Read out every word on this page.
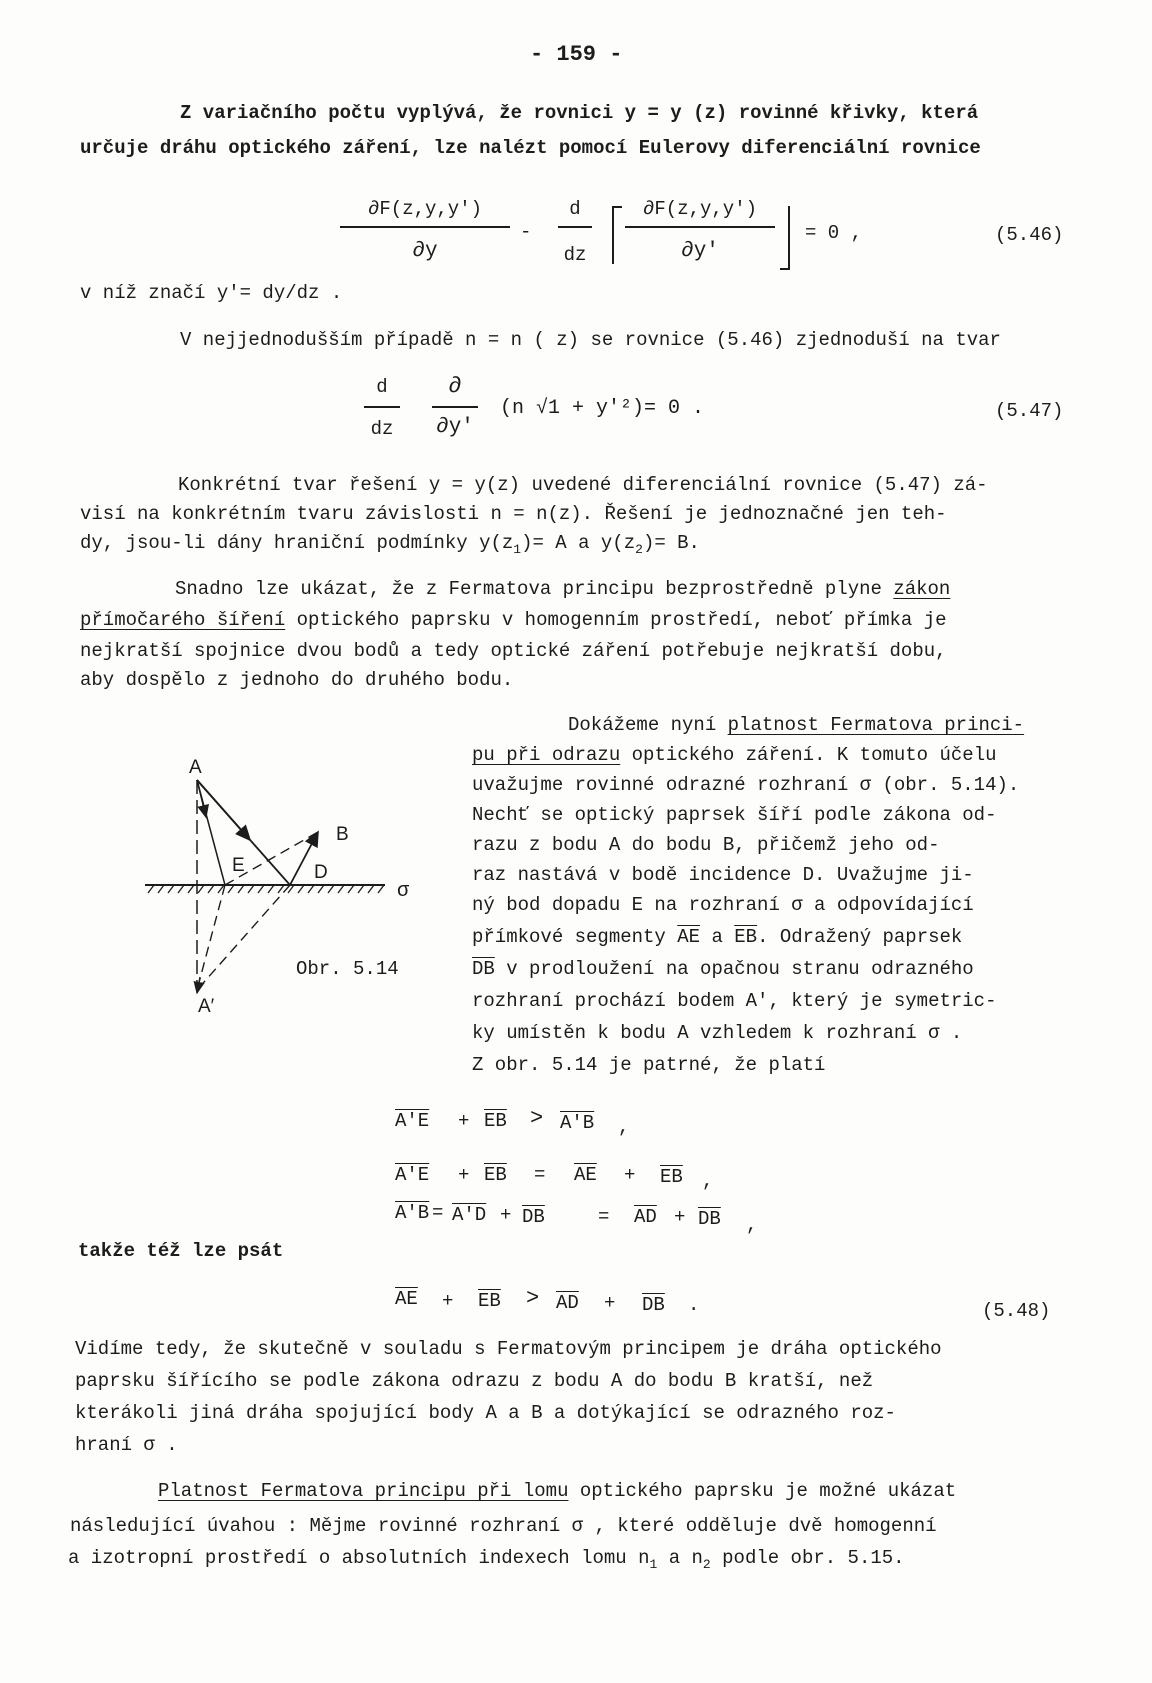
- 159 -
Z variačního počtu vyplývá, že rovnici y = y (z) rovinné křivky, která
určuje dráhu optického záření, lze nalézt pomocí Eulerovy diferenciální rovnice
∂F(z,y,y′)
∂y
-
d
dz
∂F(z,y,y′)
∂y′
= 0 ,	(5.46)
v níž značí y′= dy/dz .
V nejjednodušším případě n = n ( z) se rovnice (5.46) zjednoduší na tvar
d
dz
∂
∂y′
(n √1 + y′²)= 0 .	(5.47)
Konkrétní tvar řešení y = y(z) uvedené diferenciální rovnice (5.47) zá-
visí na konkrétním tvaru závislosti n = n(z). Řešení je jednoznačné jen teh-
dy, jsou-li dány hraniční podmínky $y(z_1)= A$ a $y(z_2)= B$.
Snadno lze ukázat, že z Fermatova principu bezprostředně plyne zákon
přímočarého šíření optického paprsku v homogenním prostředí, neboť přímka je
nejkratší spojnice dvou bodů a tedy optické záření potřebuje nejkratší dobu,
aby dospělo z jednoho do druhého bodu.
Dokážeme nyní platnost Fermatova princi-
pu při odrazu optického záření. K tomuto účelu
uvažujme rovinné odrazné rozhraní σ (obr. 5.14).
Nechť se optický paprsek šíří podle zákona od-
razu z bodu A do bodu B, přičemž jeho od-
raz nastává v bodě incidence D. Uvažujme ji-
ný bod dopadu E na rozhraní σ a odpovídající
přímkové segmenty $\overline{AE}$ a $\overline{EB}$. Odražený paprsek
$\overline{DB}$ v prodloužení na opačnou stranu odrazného
rozhraní prochází bodem A′, který je symetric-
ky umístěn k bodu A vzhledem k rozhraní σ .
Z obr. 5.14 je patrné, že platí
A
B
E	D
σ
A′
Obr. 5.14
$A'E + \overline{EB} > A'B$ ,
$A'E + \overline{EB} = \overline{AE} + \overline{EB}$ ,
$A'B = A'D + \overline{DB}$	= $\overline{AD} + \overline{DB}$ ,
takže též lze psát
$\overline{AE} + \overline{EB} > \overline{AD} + \overline{DB}$ .	(5.48)
Vidíme tedy, že skutečně v souladu s Fermatovým principem je dráha optického
paprsku šířícího se podle zákona odrazu z bodu A do bodu B kratší, než
kterákoli jiná dráha spojující body A a B a dotýkající se odrazného roz-
hraní σ .
Platnost Fermatova principu při lomu optického paprsku je možné ukázat
následující úvahou : Mějme rovinné rozhraní σ , které odděluje dvě homogenní
a izotropní prostředí o absolutních indexech lomu $n_1$ a $n_2$ podle obr. 5.15.
